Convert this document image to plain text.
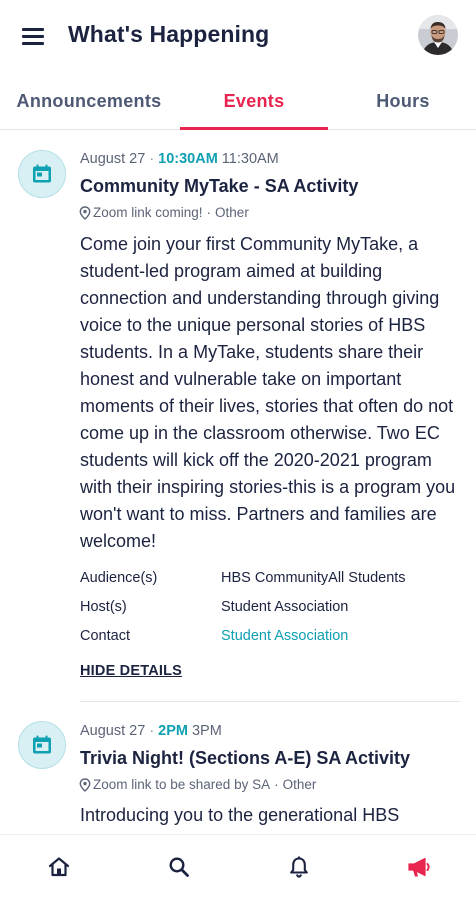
What's Happening
Announcements	Events	Hours
August 27 · 10:30AM 11:30AM
Community MyTake - SA Activity
Zoom link coming! · Other
Come join your first Community MyTake, a student-led program aimed at building connection and understanding through giving voice to the unique personal stories of HBS students. In a MyTake, students share their honest and vulnerable take on important moments of their lives, stories that often do not come up in the classroom otherwise. Two EC students will kick off the 2020-2021 program with their inspiring stories-this is a program you won't want to miss. Partners and families are welcome!
Audience(s)	HBS CommunityAll Students
Host(s)	Student Association
Contact	Student Association
HIDE DETAILS
August 27 · 2PM 3PM
Trivia Night! (Sections A-E) SA Activity
Zoom link to be shared by SA · Other
Introducing you to the generational HBS
